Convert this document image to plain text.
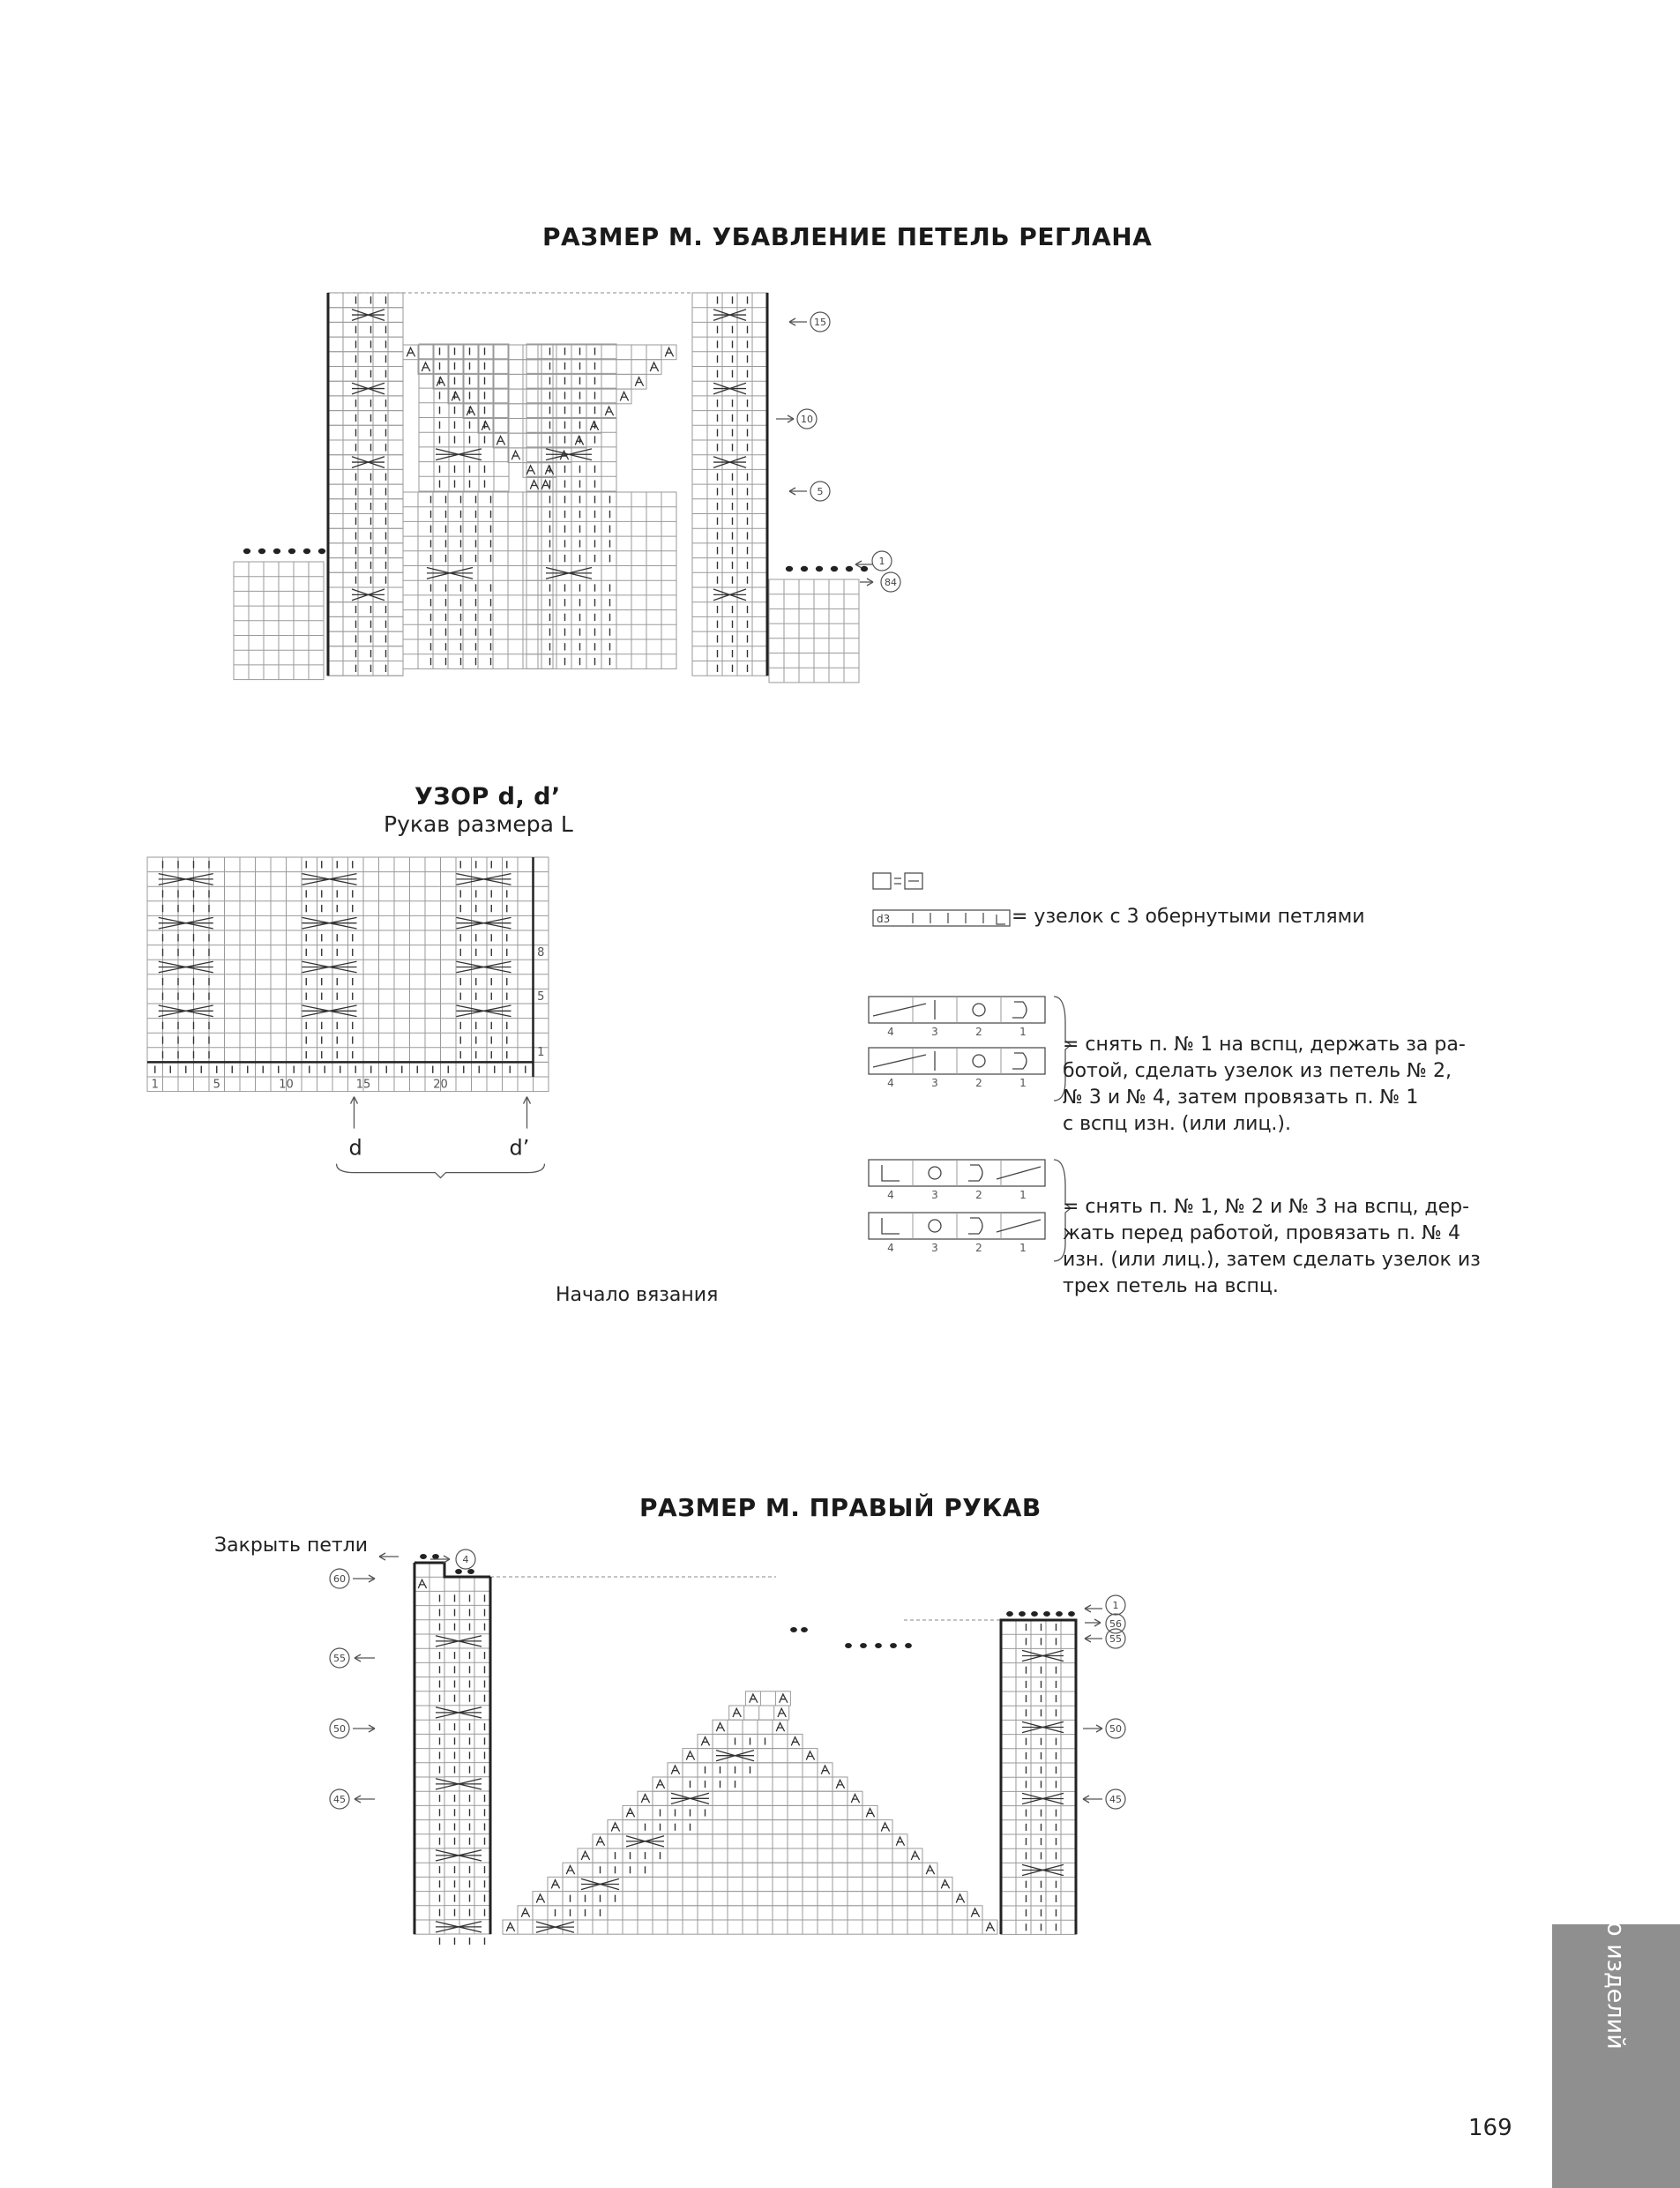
РАЗМЕР М. УБАВЛЕНИЕ ПЕТЕЛЬ РЕГЛАНА
15
10
5
1
84
УЗОР d, d’
Рукав размера L
20
15
10
5
1
8
5
1
d	d’
Начало вязания
d3
4	3	2	1
4	3	2	1
4	3	2	1
4	3	2	1
= узелок с 3 обернутыми петлями
= снять п. № 1 на вспц, держать за ра-
ботой, сделать узелок из петель № 2,
№ 3 и № 4, затем провязать п. № 1
с вспц изн. (или лиц.).
= снять п. № 1, № 2 и № 3 на вспц, дер-
жать перед работой, провязать п. № 4
изн. (или лиц.), затем сделать узелок из
трех петель на вспц.
РАЗМЕР М. ПРАВЫЙ РУКАВ
Закрыть петли
60
4
55
50
45
1
56
55
50
45	Инструкции по вязанию изделий
169
